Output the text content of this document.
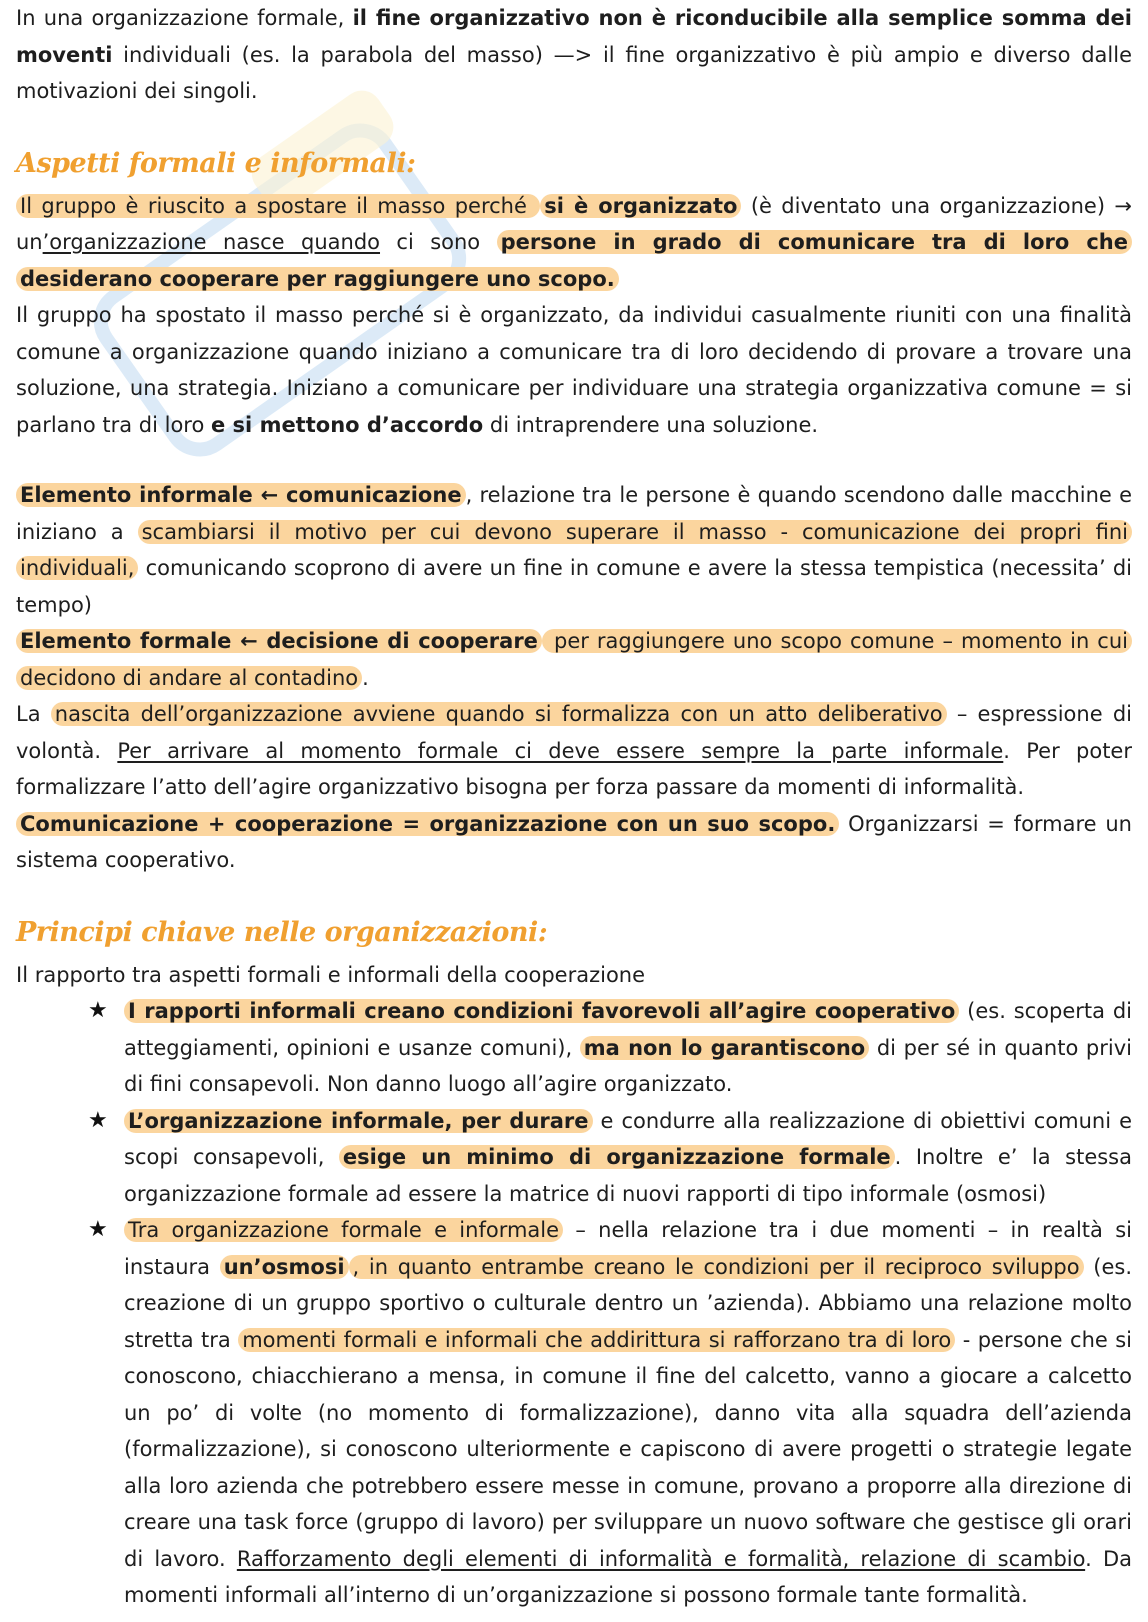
In una organizzazione formale, il fine organizzativo non è riconducibile alla semplice somma dei moventi individuali (es. la parabola del masso) —> il fine organizzativo è più ampio e diverso dalle motivazioni dei singoli.

Aspetti formali e informali:

Il gruppo è riuscito a spostare il masso perché si è organizzato (è diventato una organizzazione) → un’organizzazione nasce quando ci sono persone in grado di comunicare tra di loro che desiderano cooperare per raggiungere uno scopo.

Il gruppo ha spostato il masso perché si è organizzato, da individui casualmente riuniti con una finalità comune a organizzazione quando iniziano a comunicare tra di loro decidendo di provare a trovare una soluzione, una strategia. Iniziano a comunicare per individuare una strategia organizzativa comune = si parlano tra di loro e si mettono d’accordo di intraprendere una soluzione.

Elemento informale ← comunicazione , relazione tra le persone è quando scendono dalle macchine e iniziano a scambiarsi il motivo per cui devono superare il masso - comunicazione dei propri fini individuali, comunicando scoprono di avere un fine in comune e avere la stessa tempistica (necessita’ di tempo)

Elemento formale ← decisione di cooperare per raggiungere uno scopo comune – momento in cui decidono di andare al contadino .

La nascita dell’organizzazione avviene quando si formalizza con un atto deliberativo – espressione di volontà. Per arrivare al momento formale ci deve essere sempre la parte informale. Per poter formalizzare l’atto dell’agire organizzativo bisogna per forza passare da momenti di informalità.

Comunicazione + cooperazione = organizzazione con un suo scopo. Organizzarsi = formare un sistema cooperativo.

Principi chiave nelle organizzazioni:

Il rapporto tra aspetti formali e informali della cooperazione

★ I rapporti informali creano condizioni favorevoli all’agire cooperativo (es. scoperta di atteggiamenti, opinioni e usanze comuni), ma non lo garantiscono di per sé in quanto privi di fini consapevoli. Non danno luogo all’agire organizzato.

★ L’organizzazione informale, per durare e condurre alla realizzazione di obiettivi comuni e scopi consapevoli, esige un minimo di organizzazione formale . Inoltre e’ la stessa organizzazione formale ad essere la matrice di nuovi rapporti di tipo informale (osmosi)

★ Tra organizzazione formale e informale – nella relazione tra i due momenti – in realtà si instaura un’osmosi , in quanto entrambe creano le condizioni per il reciproco sviluppo (es. creazione di un gruppo sportivo o culturale dentro un ’azienda). Abbiamo una relazione molto stretta tra momenti formali e informali che addirittura si rafforzano tra di loro - persone che si conoscono, chiacchierano a mensa, in comune il fine del calcetto, vanno a giocare a calcetto un po’ di volte (no momento di formalizzazione), danno vita alla squadra dell’azienda (formalizzazione), si conoscono ulteriormente e capiscono di avere progetti o strategie legate alla loro azienda che potrebbero essere messe in comune, provano a proporre alla direzione di creare una task force (gruppo di lavoro) per sviluppare un nuovo software che gestisce gli orari di lavoro. Rafforzamento degli elementi di informalità e formalità, relazione di scambio. Da momenti informali all’interno di un’organizzazione si possono formale tante formalità.
